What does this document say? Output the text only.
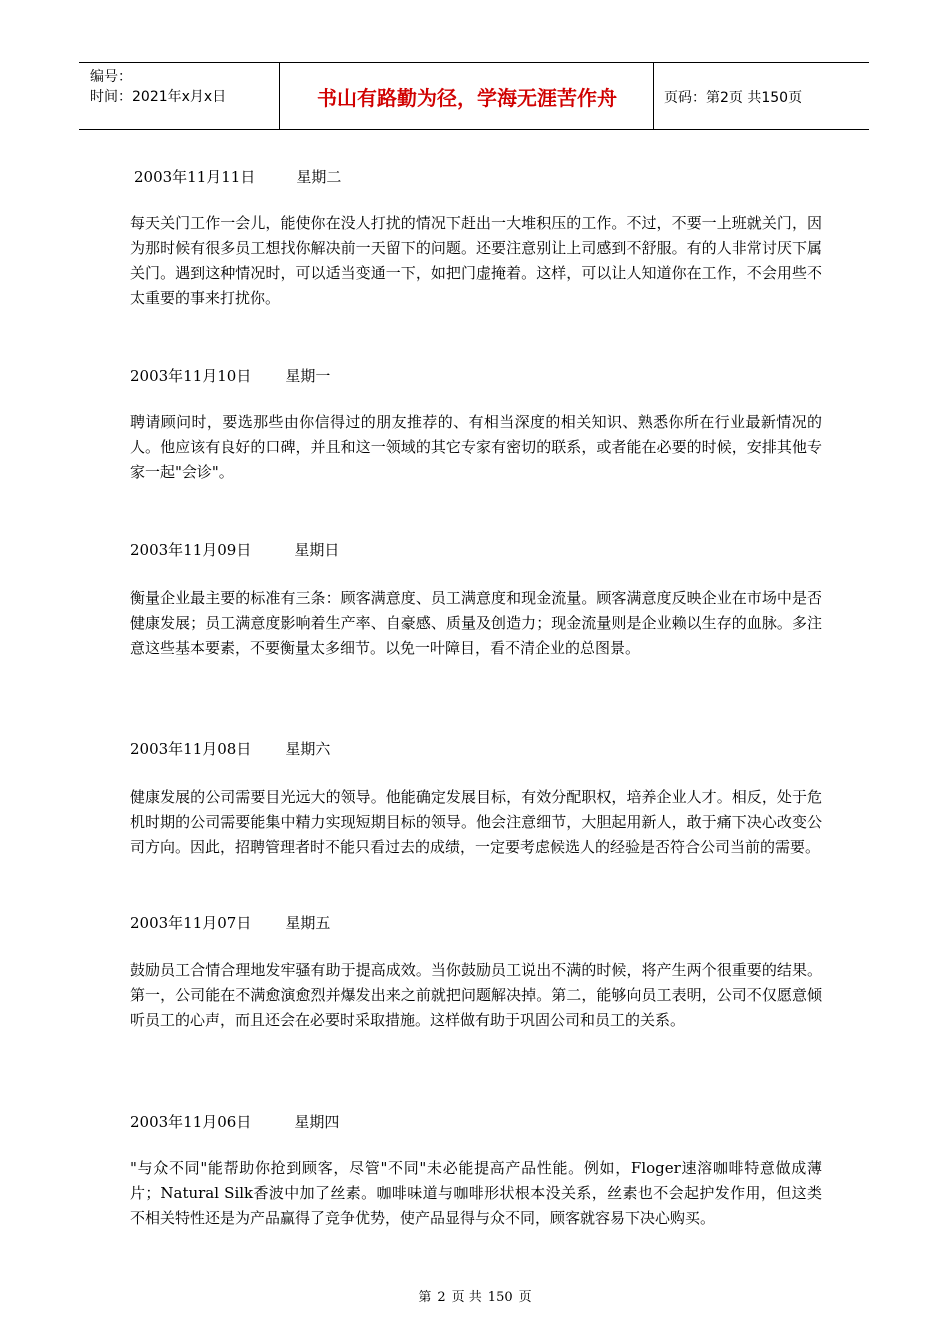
编号：
时间：2021年x月x日	书山有路勤为径，学海无涯苦作舟	页码：第2页 共150页
2003年11月11日	星期二
每天关门工作一会儿，能使你在没人打扰的情况下赶出一大堆积压的工作。不过，不要一上班就关门，因为那时候有很多员工想找你解决前一天留下的问题。还要注意别让上司感到不舒服。有的人非常讨厌下属关门。遇到这种情况时，可以适当变通一下，如把门虚掩着。这样，可以让人知道你在工作，不会用些不太重要的事来打扰你。
2003年11月10日 星期一
聘请顾问时，要选那些由你信得过的朋友推荐的、有相当深度的相关知识、熟悉你所在行业最新情况的人。他应该有良好的口碑，并且和这一领域的其它专家有密切的联系，或者能在必要的时候，安排其他专家一起"会诊"。
2003年11月09日	星期日
衡量企业最主要的标准有三条：顾客满意度、员工满意度和现金流量。顾客满意度反映企业在市场中是否健康发展；员工满意度影响着生产率、自豪感、质量及创造力；现金流量则是企业赖以生存的血脉。多注意这些基本要素，不要衡量太多细节。以免一叶障目，看不清企业的总图景。
2003年11月08日 星期六
健康发展的公司需要目光远大的领导。他能确定发展目标，有效分配职权，培养企业人才。相反，处于危机时期的公司需要能集中精力实现短期目标的领导。他会注意细节，大胆起用新人，敢于痛下决心改变公司方向。因此，招聘管理者时不能只看过去的成绩，一定要考虑候选人的经验是否符合公司当前的需要。
2003年11月07日 星期五
鼓励员工合情合理地发牢骚有助于提高成效。当你鼓励员工说出不满的时候，将产生两个很重要的结果。第一，公司能在不满愈演愈烈并爆发出来之前就把问题解决掉。第二，能够向员工表明，公司不仅愿意倾听员工的心声，而且还会在必要时采取措施。这样做有助于巩固公司和员工的关系。
2003年11月06日	星期四
"与众不同"能帮助你抢到顾客，尽管"不同"未必能提高产品性能。例如，Floger速溶咖啡特意做成薄片；Natural Silk香波中加了丝素。咖啡味道与咖啡形状根本没关系，丝素也不会起护发作用，但这类不相关特性还是为产品赢得了竞争优势，使产品显得与众不同，顾客就容易下决心购买。
第 2 页 共 150 页
